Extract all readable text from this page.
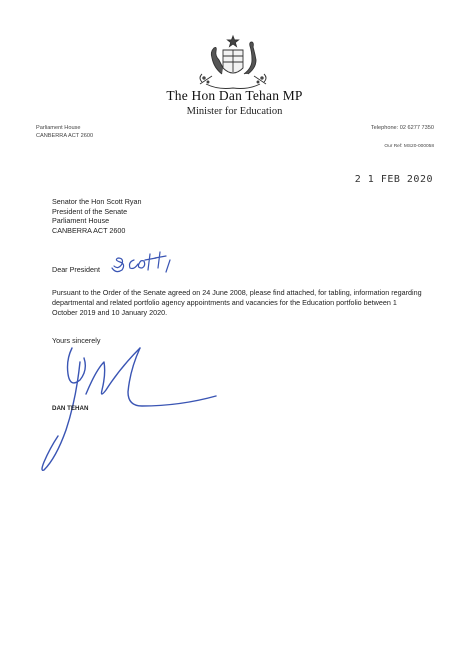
The Hon Dan Tehan MP
Minister for Education
Parliament House
CANBERRA ACT 2600
Telephone: 02 6277 7350
Our Ref: MS20-000058
2 1 FEB 2020
Senator the Hon Scott Ryan
President of the Senate
Parliament House
CANBERRA ACT 2600
Dear President
Pursuant to the Order of the Senate agreed on 24 June 2008, please find attached, for tabling, information regarding departmental and related portfolio agency appointments and vacancies for the Education portfolio between 1 October 2019 and 10 January 2020.
Yours sincerely
DAN TEHAN
